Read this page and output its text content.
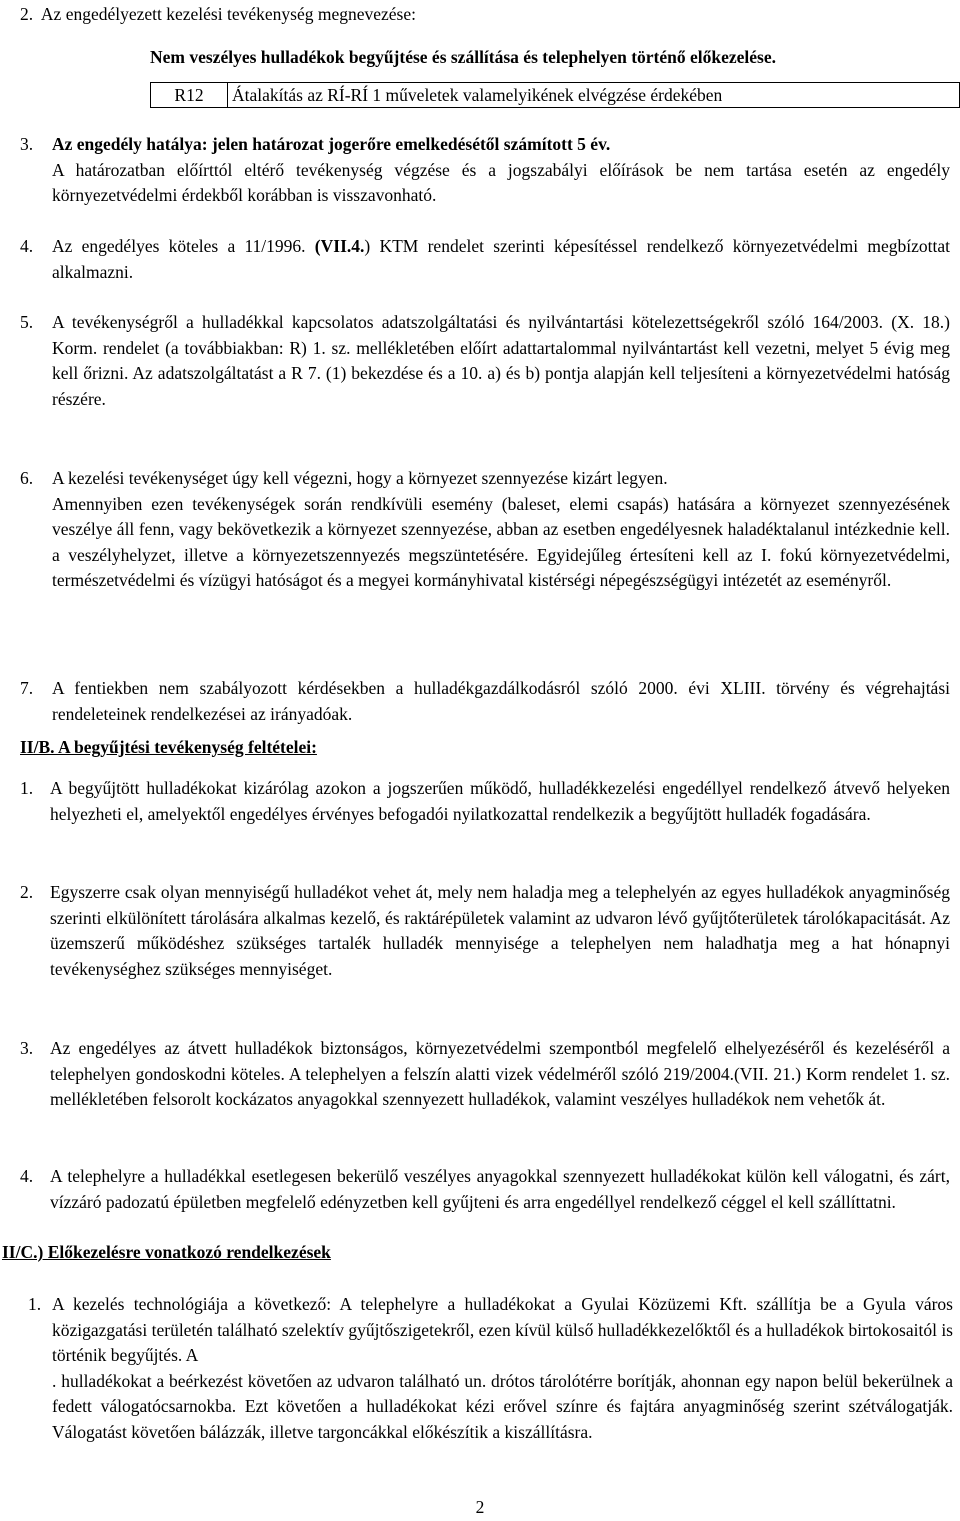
2.  Az engedélyezett kezelési tevékenység megnevezése:
Nem veszélyes hulladékok begyűjtése és szállítása és telephelyen történő előkezelése.
R12	Átalakítás az RÍ-RÍ 1 műveletek valamelyikének elvégzése érdekében
3.	Az engedély hatálya: jelen határozat jogerőre emelkedésétől számított 5 év.
A határozatban előírttól eltérő tevékenység végzése és a jogszabályi előírások be nem tartása esetén az engedély környezetvédelmi érdekből korábban is visszavonható.
4.	Az engedélyes köteles a 11/1996. (VII.4.) KTM rendelet szerinti képesítéssel rendelkező környezetvédelmi megbízottat alkalmazni.
5.	A tevékenységről a hulladékkal kapcsolatos adatszolgáltatási és nyilvántartási kötelezettségekről szóló 164/2003. (X. 18.) Korm. rendelet (a továbbiakban: R) 1. sz. mellékletében előírt adattartalommal nyilvántartást kell vezetni, melyet 5 évig meg kell őrizni. Az adatszolgáltatást a R 7. (1) bekezdése és a 10. a) és b) pontja alapján kell teljesíteni a környezetvédelmi hatóság részére.
6.	A kezelési tevékenységet úgy kell végezni, hogy a környezet szennyezése kizárt legyen.
Amennyiben ezen tevékenységek során rendkívüli esemény (baleset, elemi csapás) hatására a környezet szennyezésének veszélye áll fenn, vagy bekövetkezik a környezet szennyezése, abban az esetben engedélyesnek haladéktalanul intézkednie kell. a veszélyhelyzet, illetve a környezetszennyezés megszüntetésére. Egyidejűleg értesíteni kell az I. fokú környezetvédelmi, természetvédelmi és vízügyi hatóságot és a megyei kormányhivatal kistérségi népegészségügyi intézetét az eseményről.
7.	A fentiekben nem szabályozott kérdésekben a hulladékgazdálkodásról szóló 2000. évi XLIII. törvény és végrehajtási rendeleteinek rendelkezései az irányadóak.
II/B. A begyűjtési tevékenység feltételei:
1. A begyűjtött hulladékokat kizárólag azokon a jogszerűen működő, hulladékkezelési engedéllyel rendelkező átvevő helyeken helyezheti el, amelyektől engedélyes érvényes befogadói nyilatkozattal rendelkezik a begyűjtött hulladék fogadására.
2. Egyszerre csak olyan mennyiségű hulladékot vehet át, mely nem haladja meg a telephelyén az egyes hulladékok anyagminőség szerinti elkülönített tárolására alkalmas kezelő, és raktárépületek valamint az udvaron lévő gyűjtőterületek tárolókapacitását. Az üzemszerű működéshez szükséges tartalék hulladék mennyisége a telephelyen nem haladhatja meg a hat hónapnyi tevékenységhez szükséges mennyiséget.
3. Az engedélyes az átvett hulladékok biztonságos, környezetvédelmi szempontból megfelelő elhelyezéséről és kezeléséről a telephelyen gondoskodni köteles. A telephelyen a felszín alatti vizek védelméről szóló 219/2004.(VII. 21.) Korm rendelet 1. sz. mellékletében felsorolt kockázatos anyagokkal szennyezett hulladékok, valamint veszélyes hulladékok nem vehetők át.
4. A telephelyre a hulladékkal esetlegesen bekerülő veszélyes anyagokkal szennyezett hulladékokat külön kell válogatni, és zárt, vízzáró padozatú épületben megfelelő edényzetben kell gyűjteni és arra engedéllyel rendelkező céggel el kell szállíttatni.
II/C.) Előkezelésre vonatkozó rendelkezések
1. A kezelés technológiája a következő: A telephelyre a hulladékokat a Gyulai Közüzemi Kft. szállítja be a Gyula város közigazgatási területén található szelektív gyűjtőszigetekről, ezen kívül külső hulladékkezelőktől és a hulladékok birtokosaitól is történik begyűjtés. A
. hulladékokat a beérkezést követően az udvaron található un. drótos tárolótérre borítják, ahonnan egy napon belül bekerülnek a fedett válogatócsarnokba. Ezt követően a hulladékokat kézi erővel színre és fajtára anyagminőség szerint szétválogatják. Válogatást követően bálázzák, illetve targoncákkal előkészítik a kiszállításra.
2
